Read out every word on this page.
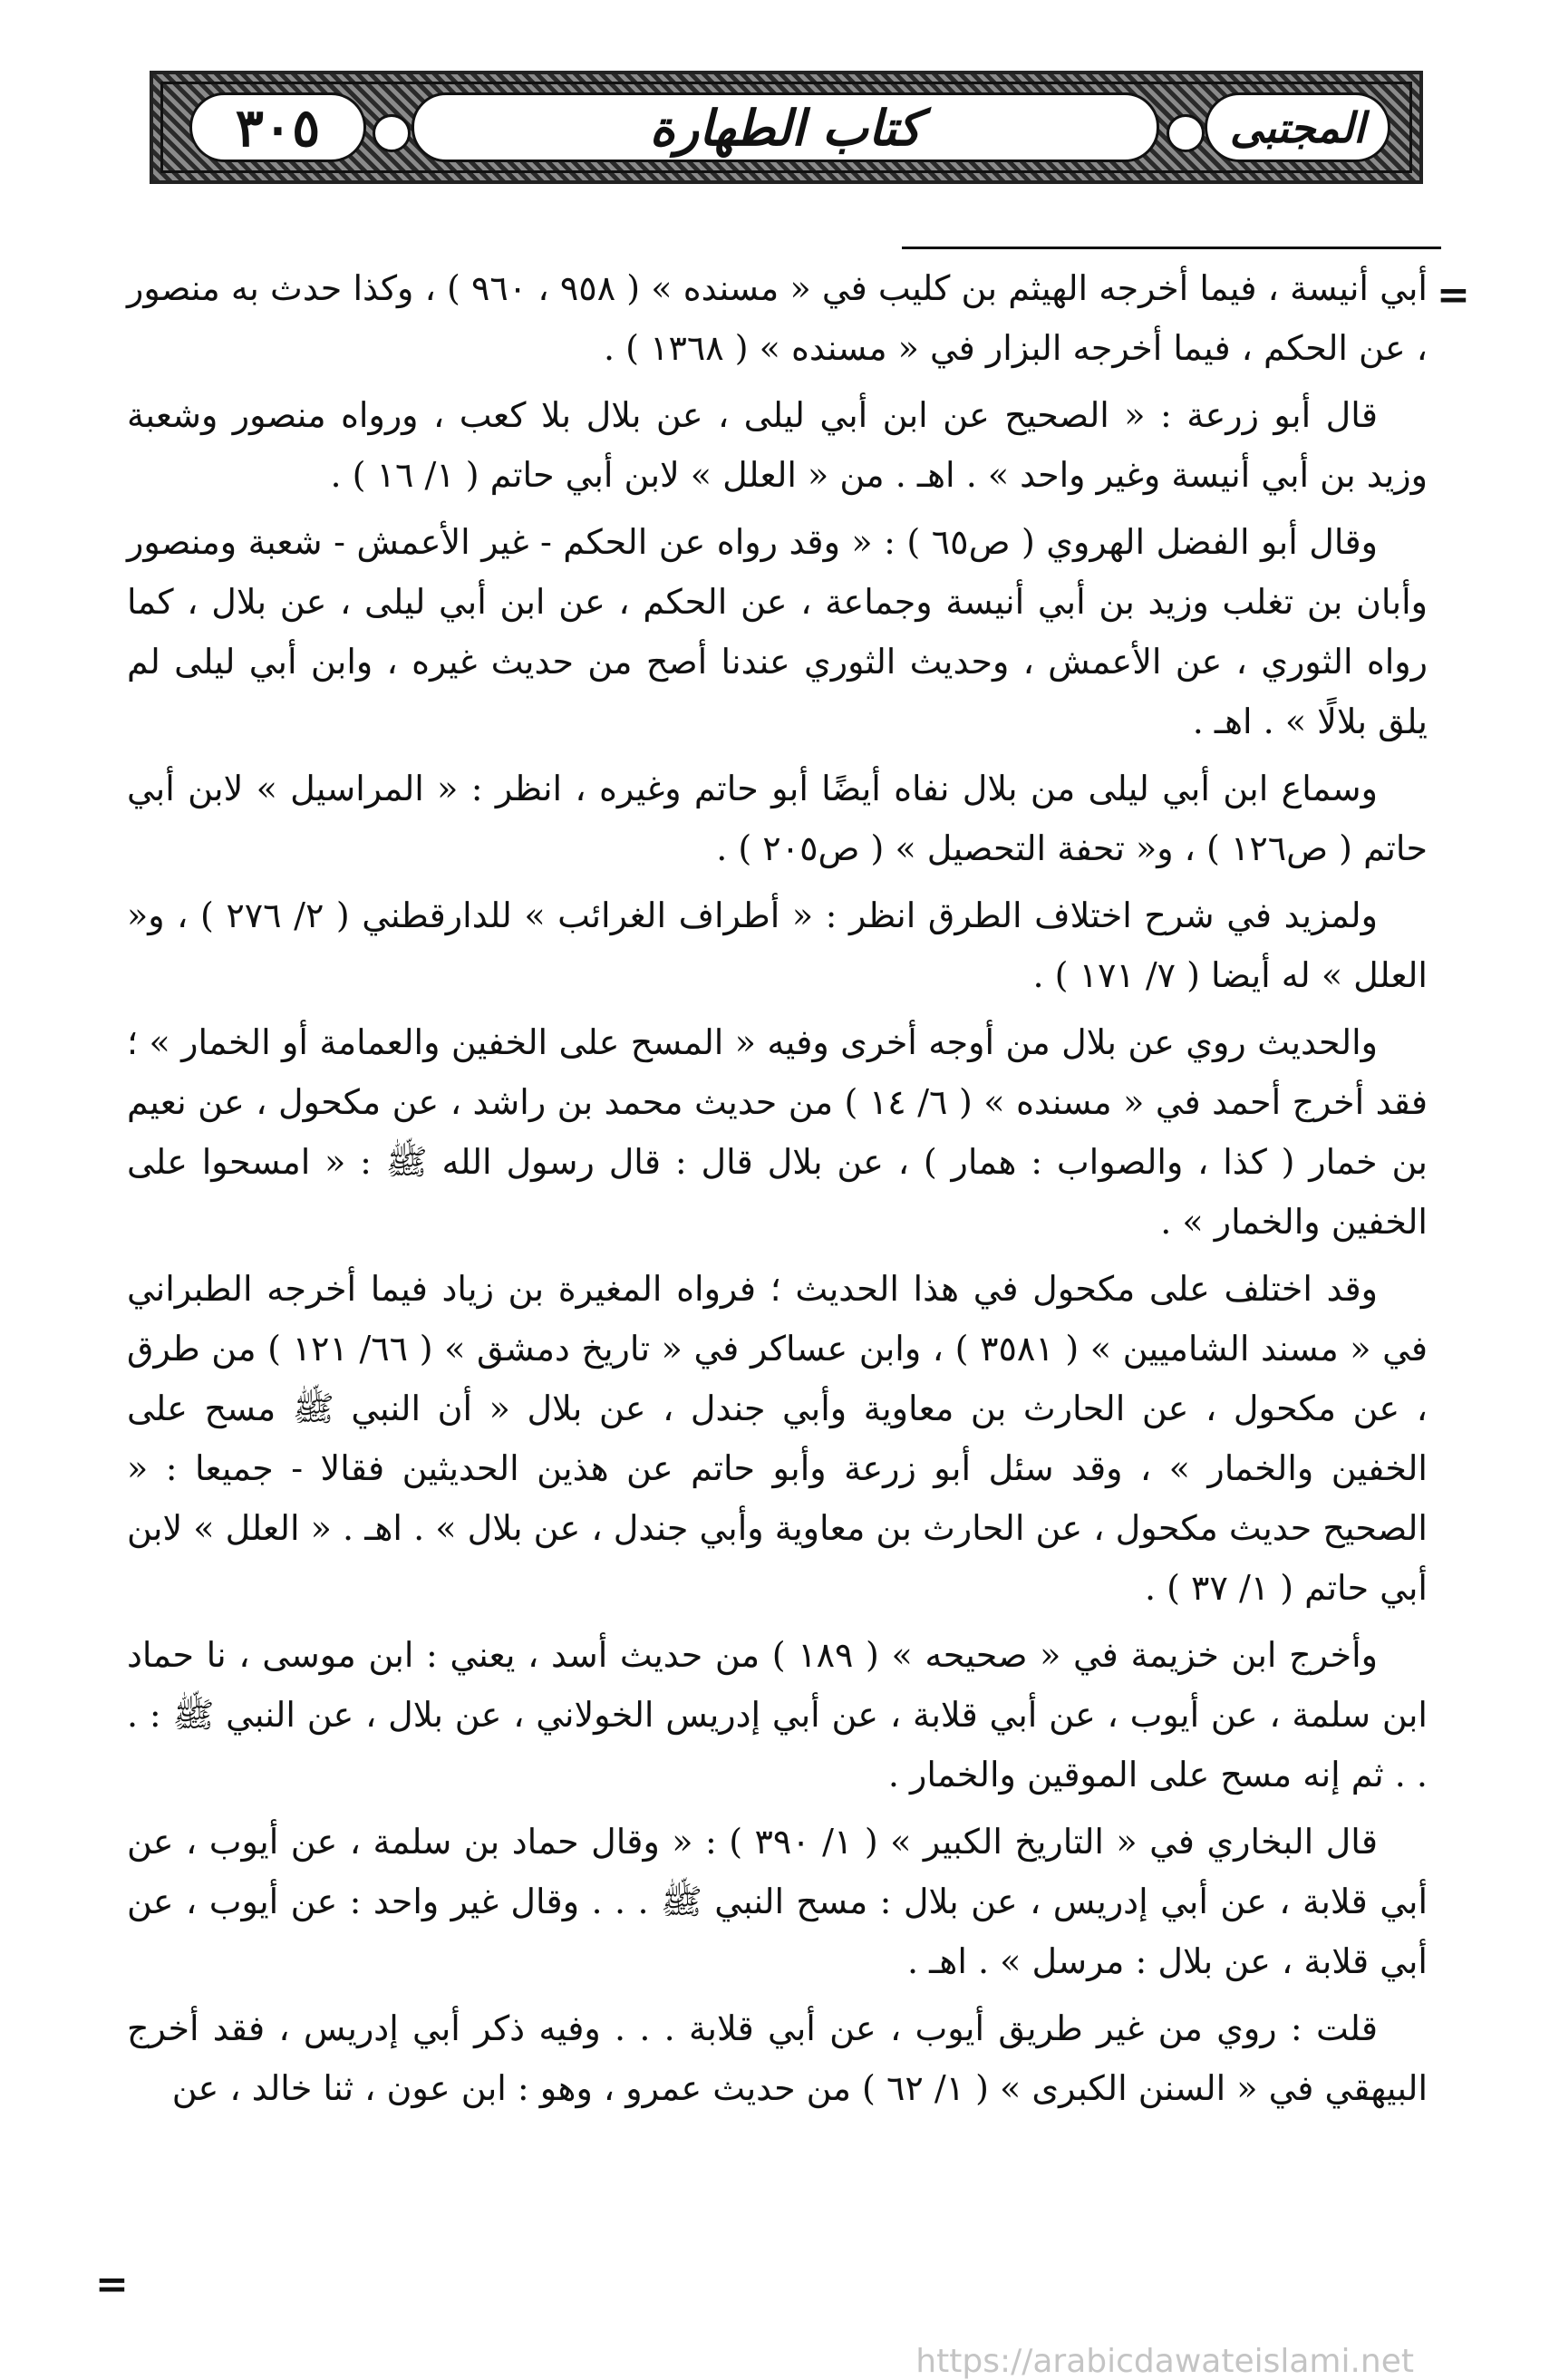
٣٠٥	كتاب الطهارة	المجتبى
=
=

أبي أنيسة ، فيما أخرجه الهيثم بن كليب في « مسنده » ( ٩٥٨ ، ٩٦٠ ) ، وكذا حدث به منصور ، عن الحكم ، فيما أخرجه البزار في « مسنده » ( ١٣٦٨ ) .

قال أبو زرعة : « الصحيح عن ابن أبي ليلى ، عن بلال بلا كعب ، ورواه منصور وشعبة وزيد بن أبي أنيسة وغير واحد » . اهـ . من « العلل » لابن أبي حاتم ( ١/ ١٦ ) .

وقال أبو الفضل الهروي ( ص٦٥ ) : « وقد رواه عن الحكم - غير الأعمش - شعبة ومنصور وأبان بن تغلب وزيد بن أبي أنيسة وجماعة ، عن الحكم ، عن ابن أبي ليلى ، عن بلال ، كما رواه الثوري ، عن الأعمش ، وحديث الثوري عندنا أصح من حديث غيره ، وابن أبي ليلى لم يلق بلالًا » . اهـ .

وسماع ابن أبي ليلى من بلال نفاه أيضًا أبو حاتم وغيره ، انظر : « المراسيل » لابن أبي حاتم ( ص١٢٦ ) ، و« تحفة التحصيل » ( ص٢٠٥ ) .

ولمزيد في شرح اختلاف الطرق انظر : « أطراف الغرائب » للدارقطني ( ٢/ ٢٧٦ ) ، و« العلل » له أيضا ( ٧/ ١٧١ ) .

والحديث روي عن بلال من أوجه أخرى وفيه « المسح على الخفين والعمامة أو الخمار » ؛ فقد أخرج أحمد في « مسنده » ( ٦/ ١٤ ) من حديث محمد بن راشد ، عن مكحول ، عن نعيم بن خمار ( كذا ، والصواب : همار ) ، عن بلال قال : قال رسول الله ﷺ : « امسحوا على الخفين والخمار » .

وقد اختلف على مكحول في هذا الحديث ؛ فرواه المغيرة بن زياد فيما أخرجه الطبراني في « مسند الشاميين » ( ٣٥٨١ ) ، وابن عساكر في « تاريخ دمشق » ( ٦٦/ ١٢١ ) من طرق ، عن مكحول ، عن الحارث بن معاوية وأبي جندل ، عن بلال « أن النبي ﷺ مسح على الخفين والخمار » ، وقد سئل أبو زرعة وأبو حاتم عن هذين الحديثين فقالا - جميعا : « الصحيح حديث مكحول ، عن الحارث بن معاوية وأبي جندل ، عن بلال » . اهـ . « العلل » لابن أبي حاتم ( ١/ ٣٧ ) .

وأخرج ابن خزيمة في « صحيحه » ( ١٨٩ ) من حديث أسد ، يعني : ابن موسى ، نا حماد ابن سلمة ، عن أيوب ، عن أبي قلابة ، عن أبي إدريس الخولاني ، عن بلال ، عن النبي ﷺ : . . . ثم إنه مسح على الموقين والخمار .

قال البخاري في « التاريخ الكبير » ( ١/ ٣٩٠ ) : « وقال حماد بن سلمة ، عن أيوب ، عن أبي قلابة ، عن أبي إدريس ، عن بلال : مسح النبي ﷺ . . . وقال غير واحد : عن أيوب ، عن أبي قلابة ، عن بلال : مرسل » . اهـ .

قلت : روي من غير طريق أيوب ، عن أبي قلابة . . . وفيه ذكر أبي إدريس ، فقد أخرج البيهقي في « السنن الكبرى » ( ١/ ٦٢ ) من حديث عمرو ، وهو : ابن عون ، ثنا خالد ، عن

https://arabicdawateislami.net
